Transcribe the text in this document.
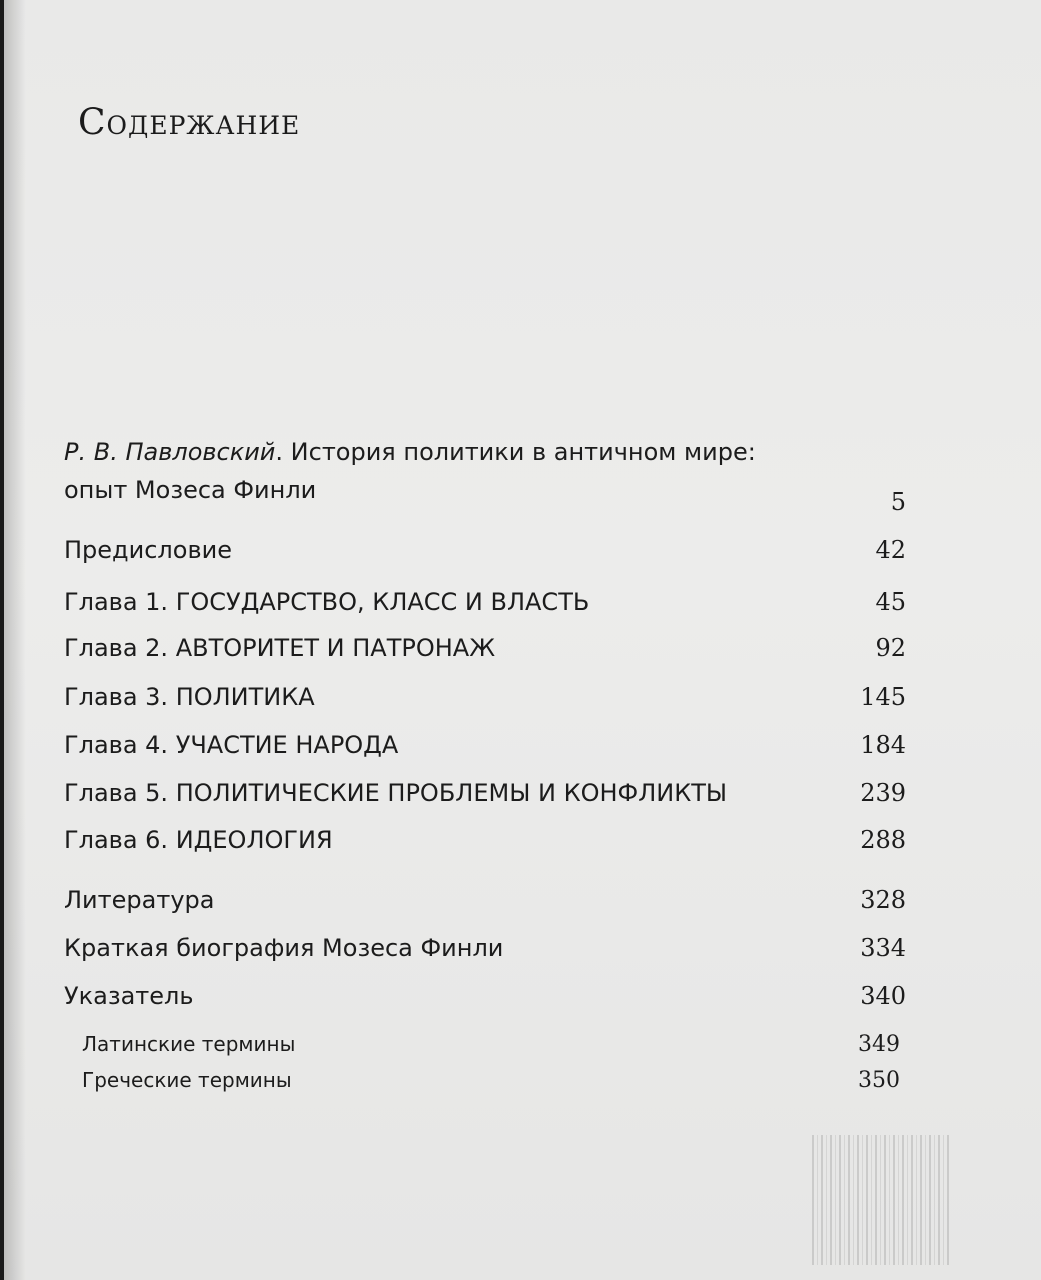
Содержание
Р. В. Павловский. История политики в античном мире:
опыт Мозеса Финли	5
Предисловие	42
Глава 1. ГОСУДАРСТВО, КЛАСС И ВЛАСТЬ	45
Глава 2. АВТОРИТЕТ И ПАТРОНАЖ	92
Глава 3. ПОЛИТИКА	145
Глава 4. УЧАСТИЕ НАРОДА	184
Глава 5. ПОЛИТИЧЕСКИЕ ПРОБЛЕМЫ И КОНФЛИКТЫ	239
Глава 6. ИДЕОЛОГИЯ	288
Литература	328
Краткая биография Мозеса Финли	334
Указатель	340
Латинские термины	349
Греческие термины	350
